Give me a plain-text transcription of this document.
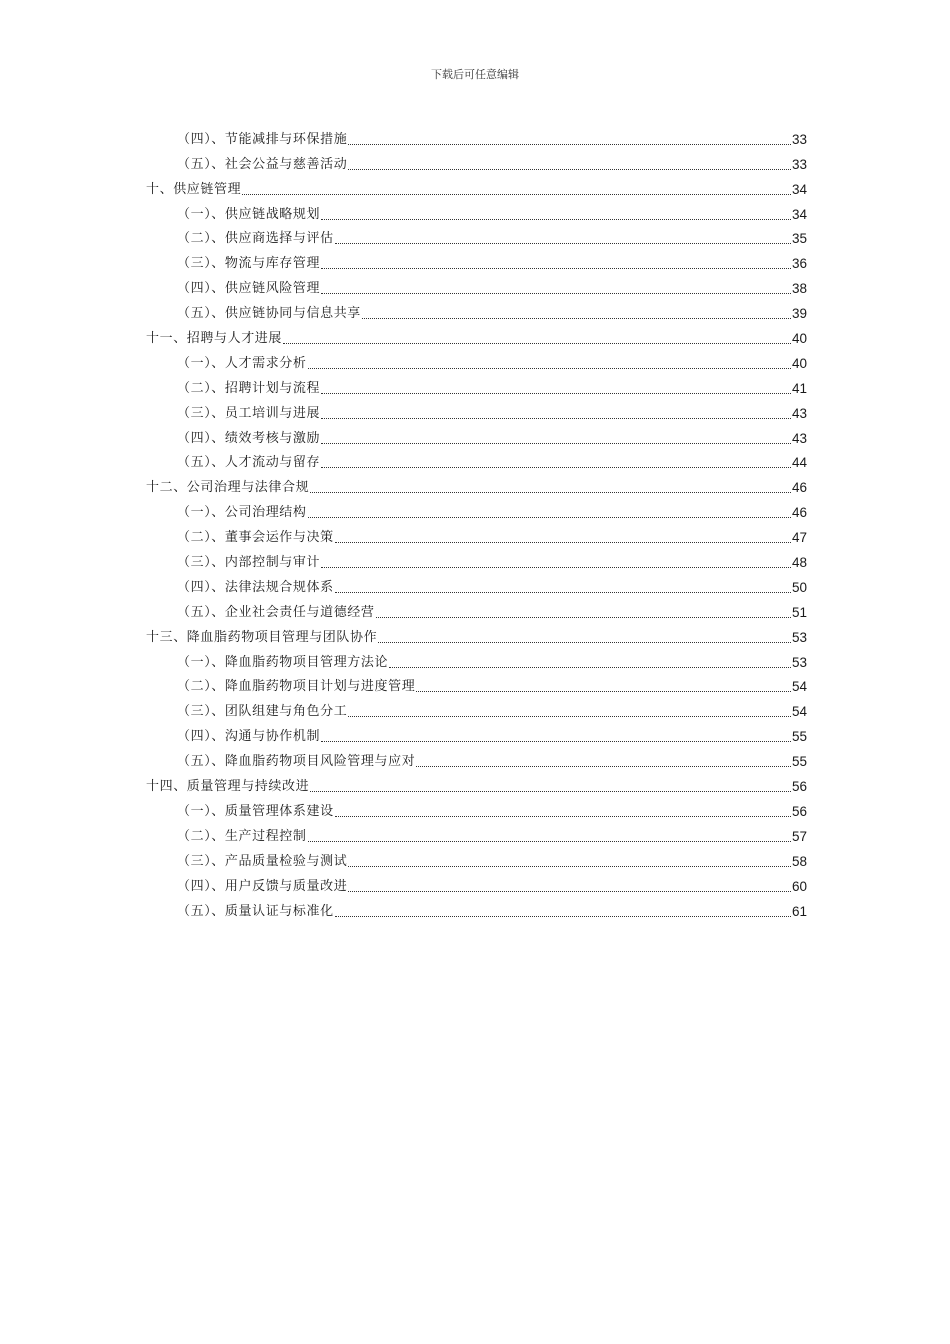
下载后可任意编辑
（四）、节能减排与环保措施	33
（五）、社会公益与慈善活动	33
十、供应链管理	34
（一）、供应链战略规划	34
（二）、供应商选择与评估	35
（三）、物流与库存管理	36
（四）、供应链风险管理	38
（五）、供应链协同与信息共享	39
十一、招聘与人才进展	40
（一）、人才需求分析	40
（二）、招聘计划与流程	41
（三）、员工培训与进展	43
（四）、绩效考核与激励	43
（五）、人才流动与留存	44
十二、公司治理与法律合规	46
（一）、公司治理结构	46
（二）、董事会运作与决策	47
（三）、内部控制与审计	48
（四）、法律法规合规体系	50
（五）、企业社会责任与道德经营	51
十三、降血脂药物项目管理与团队协作	53
（一）、降血脂药物项目管理方法论	53
（二）、降血脂药物项目计划与进度管理	54
（三）、团队组建与角色分工	54
（四）、沟通与协作机制	55
（五）、降血脂药物项目风险管理与应对	55
十四、质量管理与持续改进	56
（一）、质量管理体系建设	56
（二）、生产过程控制	57
（三）、产品质量检验与测试	58
（四）、用户反馈与质量改进	60
（五）、质量认证与标准化	61
